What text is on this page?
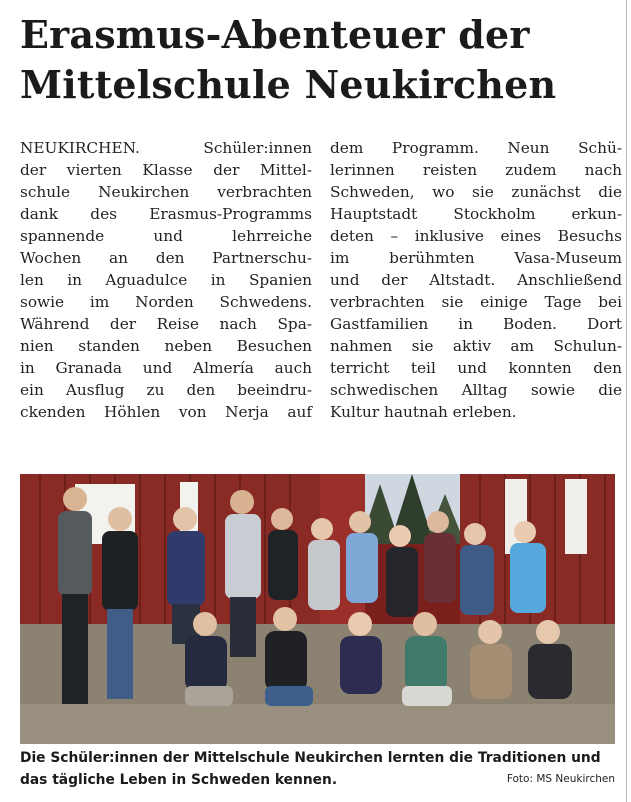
Erasmus-Abenteuer der
Mittelschule Neukirchen
NEUKIRCHEN. Schüler:innen
der vierten Klasse der Mittel-
schule Neukirchen verbrachten
dank des Erasmus-Programms
spannende und lehrreiche
Wochen an den Partnerschu-
len in Aguadulce in Spanien
sowie im Norden Schwedens.
Während der Reise nach Spa-
nien standen neben Besuchen
in Granada und Almería auch
ein Ausflug zu den beeindru-
ckenden Höhlen von Nerja auf
dem Programm. Neun Schü-
lerinnen reisten zudem nach
Schweden, wo sie zunächst die
Hauptstadt Stockholm erkun-
deten – inklusive eines Besuchs
im berühmten Vasa-Museum
und der Altstadt. Anschließend
verbrachten sie einige Tage bei
Gastfamilien in Boden. Dort
nahmen sie aktiv am Schulun-
terricht teil und konnten den
schwedischen Alltag sowie die
Kultur hautnah erleben.
Die Schüler:innen der Mittelschule Neukirchen lernten die Traditionen und
das tägliche Leben in Schweden kennen.	Foto: MS Neukirchen
